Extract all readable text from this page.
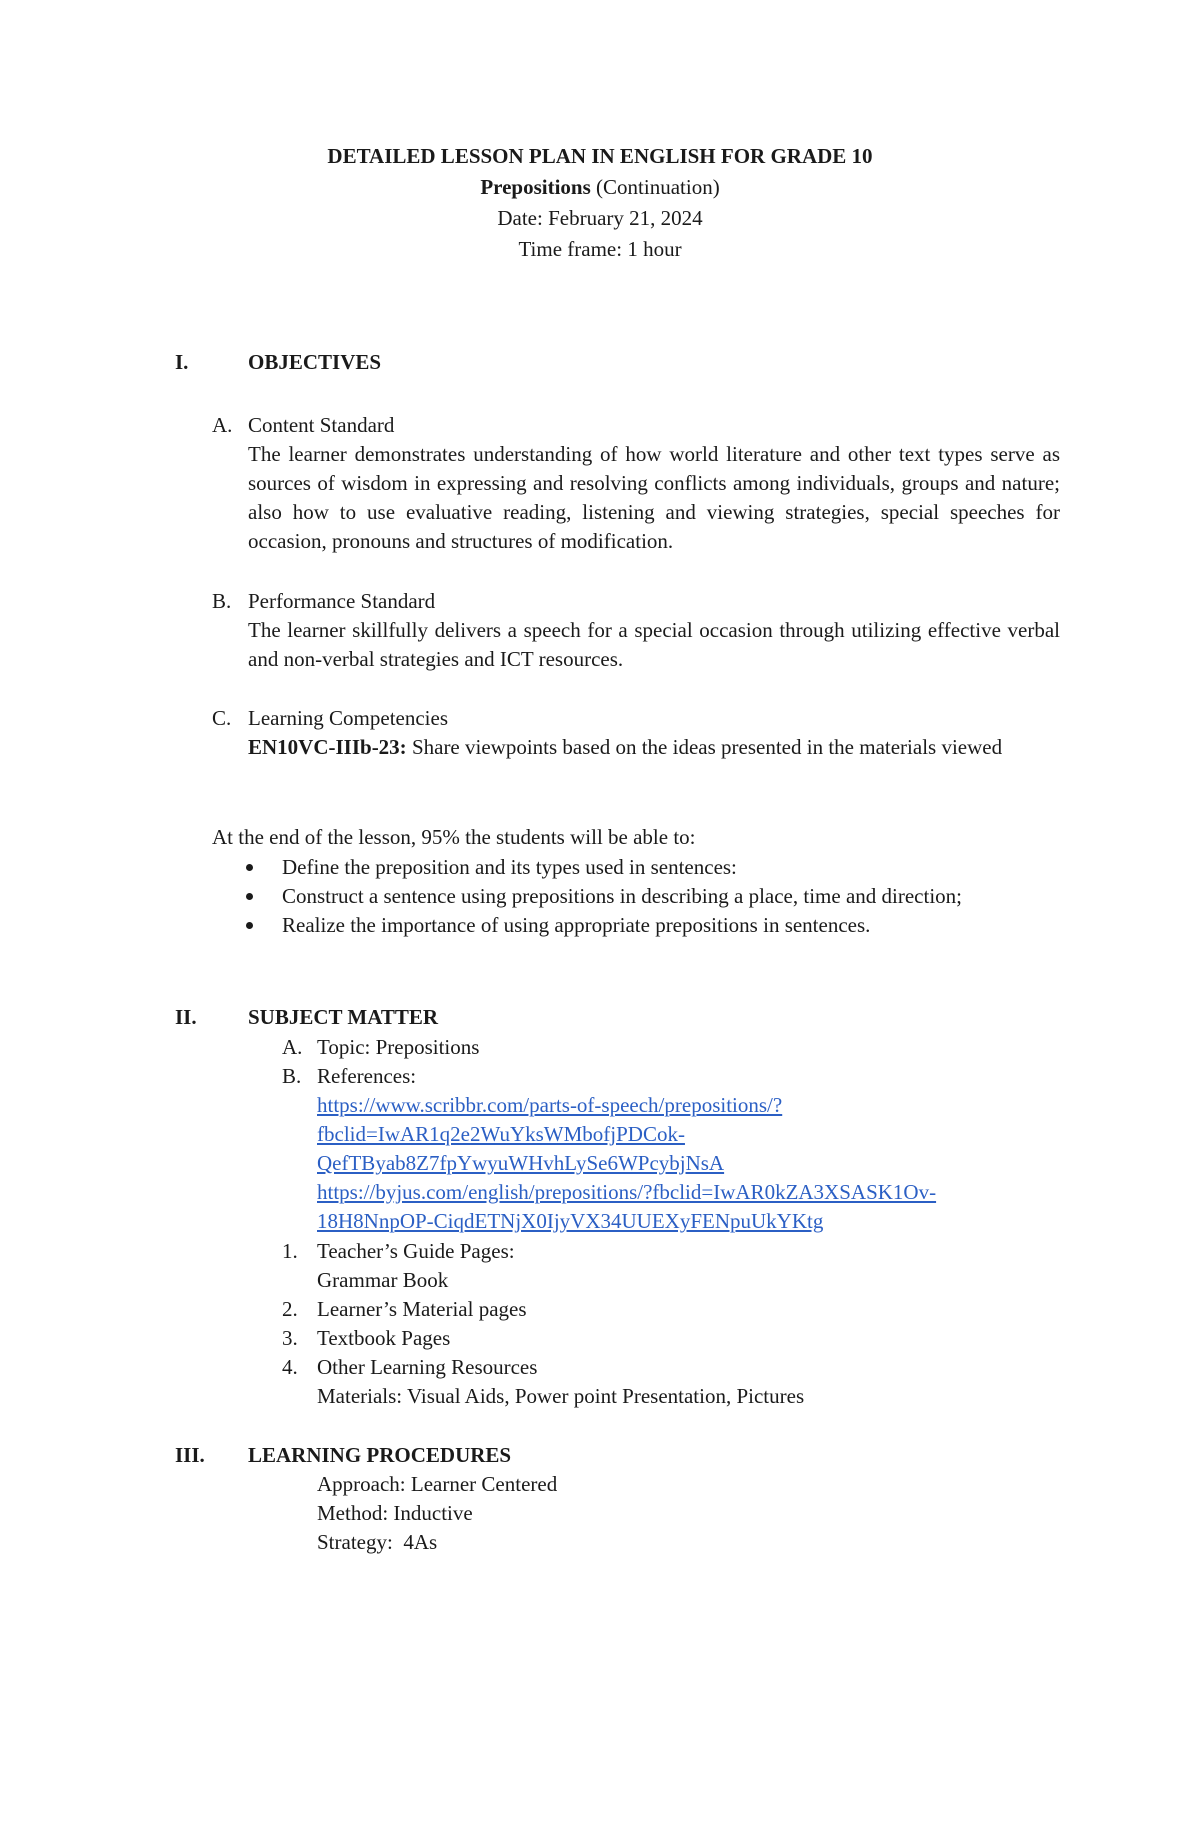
DETAILED LESSON PLAN IN ENGLISH FOR GRADE 10
Prepositions (Continuation)
Date: February 21, 2024
Time frame: 1 hour
I.	OBJECTIVES
A. Content Standard
The learner demonstrates understanding of how world literature and other text types serve as sources of wisdom in expressing and resolving conflicts among individuals, groups and nature; also how to use evaluative reading, listening and viewing strategies, special speeches for occasion, pronouns and structures of modification.
B. Performance Standard
The learner skillfully delivers a speech for a special occasion through utilizing effective verbal and non-verbal strategies and ICT resources.
C. Learning Competencies
EN10VC-IIIb-23: Share viewpoints based on the ideas presented in the materials viewed
At the end of the lesson, 95% the students will be able to:
Define the preposition and its types used in sentences:
Construct a sentence using prepositions in describing a place, time and direction;
Realize the importance of using appropriate prepositions in sentences.
II. SUBJECT MATTER
A. Topic: Prepositions
B. References:
https://www.scribbr.com/parts-of-speech/prepositions/?
fbclid=IwAR1q2e2WuYksWMbofjPDCok-
QefTByab8Z7fpYwyuWHvhLySe6WPcybjNsA
https://byjus.com/english/prepositions/?fbclid=IwAR0kZA3XSASK1Ov-
18H8NnpOP-CiqdETNjX0IjyVX34UUEXyFENpuUkYKtg
1. Teacher’s Guide Pages:
Grammar Book
2. Learner’s Material pages
3. Textbook Pages
4. Other Learning Resources
Materials: Visual Aids, Power point Presentation, Pictures
III. LEARNING PROCEDURES
Approach: Learner Centered
Method: Inductive
Strategy:  4As
